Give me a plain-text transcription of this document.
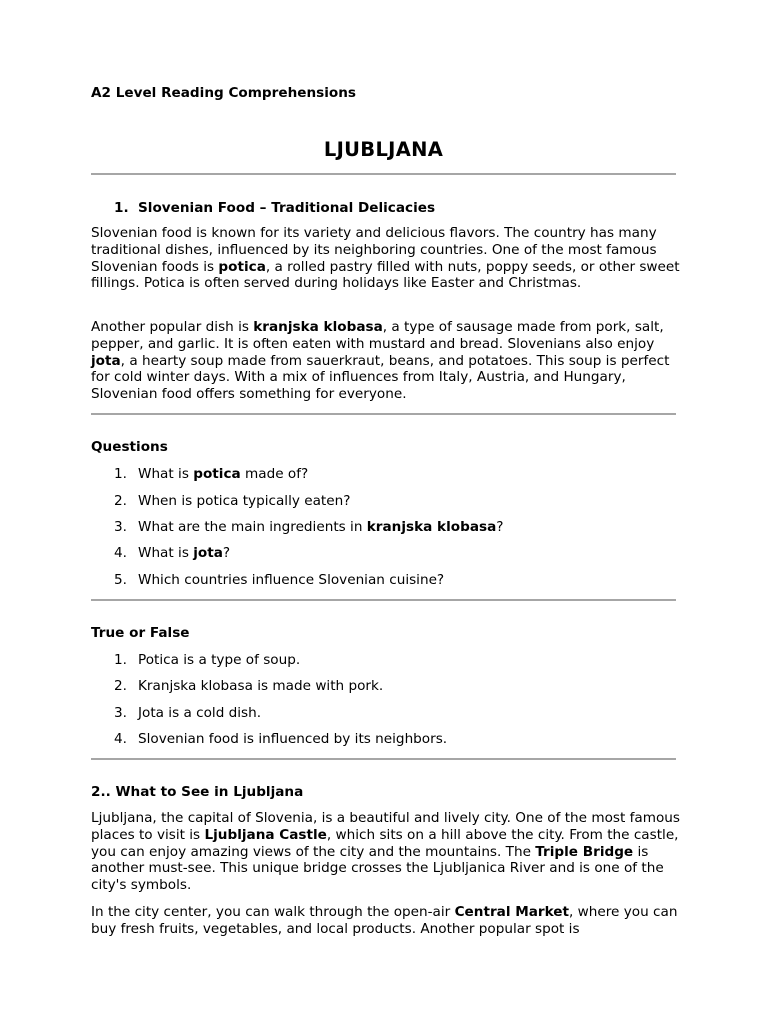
A2 Level Reading Comprehensions
LJUBLJANA
1. Slovenian Food – Traditional Delicacies
Slovenian food is known for its variety and delicious flavors. The country has many traditional dishes, influenced by its neighboring countries. One of the most famous Slovenian foods is potica, a rolled pastry filled with nuts, poppy seeds, or other sweet fillings. Potica is often served during holidays like Easter and Christmas.
Another popular dish is kranjska klobasa, a type of sausage made from pork, salt, pepper, and garlic. It is often eaten with mustard and bread. Slovenians also enjoy jota, a hearty soup made from sauerkraut, beans, and potatoes. This soup is perfect for cold winter days. With a mix of influences from Italy, Austria, and Hungary, Slovenian food offers something for everyone.
Questions
1. What is potica made of?
2. When is potica typically eaten?
3. What are the main ingredients in kranjska klobasa?
4. What is jota?
5. Which countries influence Slovenian cuisine?
True or False
1. Potica is a type of soup.
2. Kranjska klobasa is made with pork.
3. Jota is a cold dish.
4. Slovenian food is influenced by its neighbors.
2.. What to See in Ljubljana
Ljubljana, the capital of Slovenia, is a beautiful and lively city. One of the most famous places to visit is Ljubljana Castle, which sits on a hill above the city. From the castle, you can enjoy amazing views of the city and the mountains. The Triple Bridge is another must-see. This unique bridge crosses the Ljubljanica River and is one of the city's symbols.
In the city center, you can walk through the open-air Central Market, where you can buy fresh fruits, vegetables, and local products. Another popular spot is
